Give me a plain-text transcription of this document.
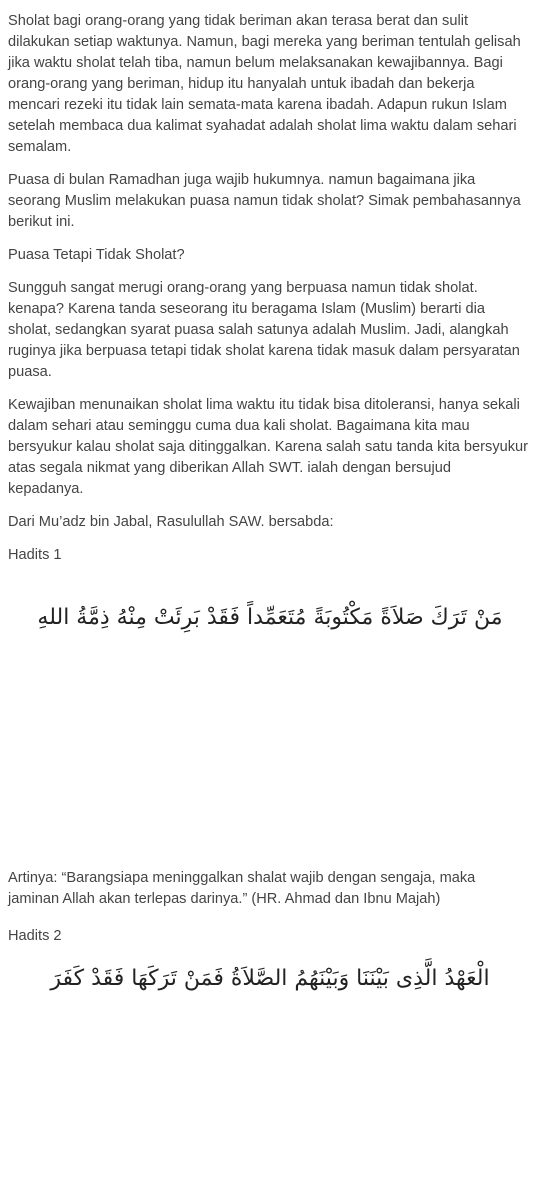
Sholat bagi orang-orang yang tidak beriman akan terasa berat dan sulit dilakukan setiap waktunya. Namun, bagi mereka yang beriman tentulah gelisah jika waktu sholat telah tiba, namun belum melaksanakan kewajibannya. Bagi orang-orang yang beriman, hidup itu hanyalah untuk ibadah dan bekerja mencari rezeki itu tidak lain semata-mata karena ibadah. Adapun rukun Islam setelah membaca dua kalimat syahadat adalah sholat lima waktu dalam sehari semalam.

Puasa di bulan Ramadhan juga wajib hukumnya. namun bagaimana jika seorang Muslim melakukan puasa namun tidak sholat? Simak pembahasannya berikut ini.

Puasa Tetapi Tidak Sholat?

Sungguh sangat merugi orang-orang yang berpuasa namun tidak sholat. kenapa? Karena tanda seseorang itu beragama Islam (Muslim) berarti dia sholat, sedangkan syarat puasa salah satunya adalah Muslim. Jadi, alangkah ruginya jika berpuasa tetapi tidak sholat karena tidak masuk dalam persyaratan puasa.

Kewajiban menunaikan sholat lima waktu itu tidak bisa ditoleransi, hanya sekali dalam sehari atau seminggu cuma dua kali sholat. Bagaimana kita mau bersyukur kalau sholat saja ditinggalkan. Karena salah satu tanda kita bersyukur atas segala nikmat yang diberikan Allah SWT. ialah dengan bersujud kepadanya.

Dari Mu’adz bin Jabal, Rasulullah SAW. bersabda:

Hadits 1

مَنْ تَرَكَ صَلاَةً مَكْتُوبَةً مُتَعَمِّداً فَقَدْ بَرِئَتْ مِنْهُ ذِمَّةُ اللهِ

Artinya: “Barangsiapa meninggalkan shalat wajib dengan sengaja, maka jaminan Allah akan terlepas darinya.” (HR. Ahmad dan Ibnu Majah)

Hadits 2

الْعَهْدُ الَّذِى بَيْنَنَا وَبَيْنَهُمُ الصَّلاَةُ فَمَنْ تَرَكَهَا فَقَدْ كَفَرَ
